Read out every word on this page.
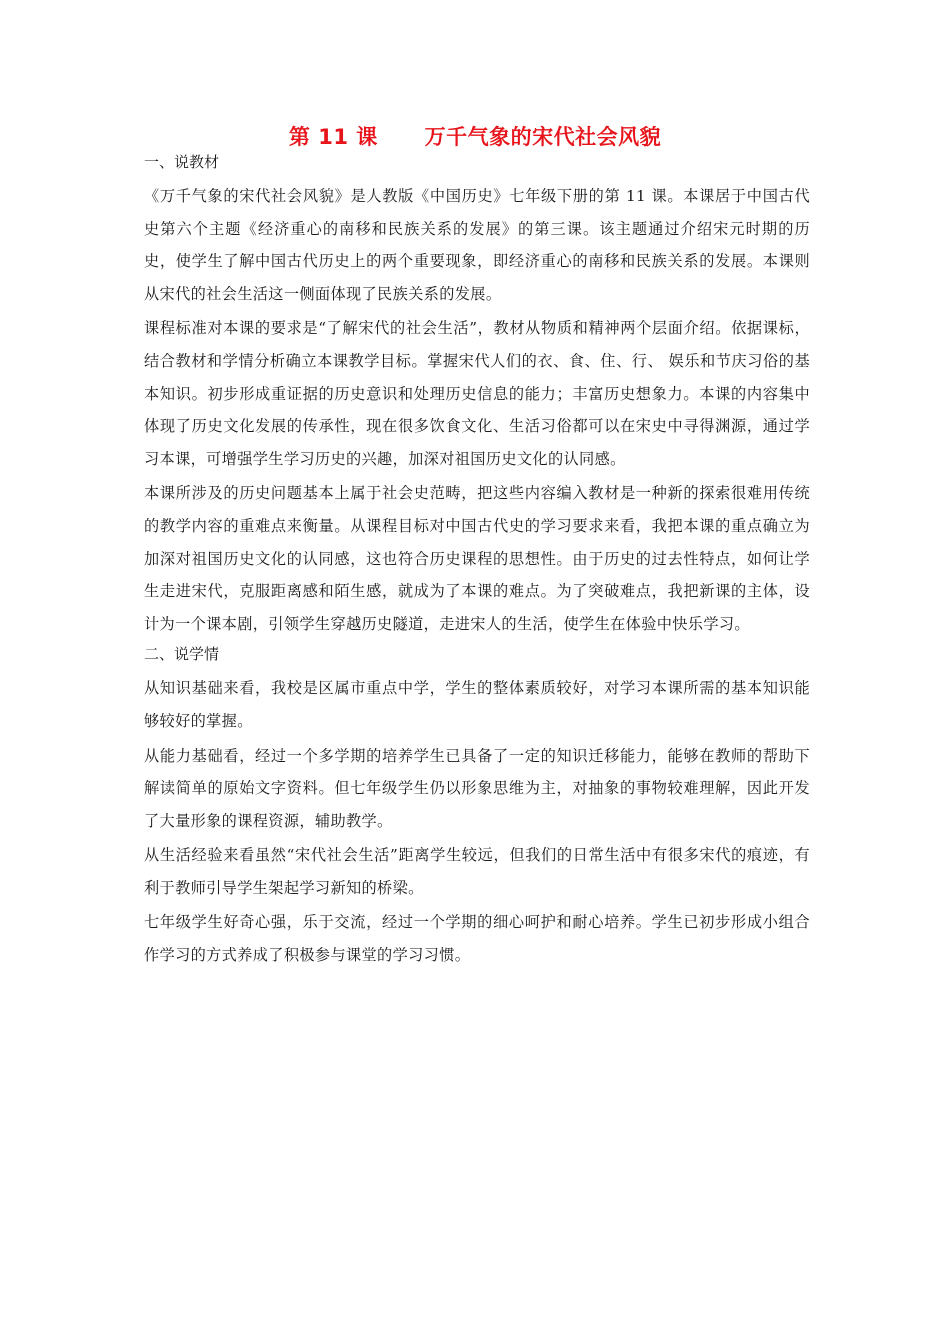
第 11 课      万千气象的宋代社会风貌
一、说教材

《万千气象的宋代社会风貌》是人教版《中国历史》七年级下册的第 11 课。本课居于中国古代史第六个主题《经济重心的南移和民族关系的发展》的第三课。该主题通过介绍宋元时期的历史，使学生了解中国古代历史上的两个重要现象，即经济重心的南移和民族关系的发展。本课则从宋代的社会生活这一侧面体现了民族关系的发展。

课程标准对本课的要求是“了解宋代的社会生活”，教材从物质和精神两个层面介绍。依据课标，结合教材和学情分析确立本课教学目标。掌握宋代人们的衣、食、住、行、 娱乐和节庆习俗的基本知识。初步形成重证据的历史意识和处理历史信息的能力；丰富历史想象力。本课的内容集中体现了历史文化发展的传承性，现在很多饮食文化、生活习俗都可以在宋史中寻得渊源，通过学习本课，可增强学生学习历史的兴趣，加深对祖国历史文化的认同感。

本课所涉及的历史问题基本上属于社会史范畴，把这些内容编入教材是一种新的探索很难用传统的教学内容的重难点来衡量。从课程目标对中国古代史的学习要求来看，我把本课的重点确立为加深对祖国历史文化的认同感，这也符合历史课程的思想性。由于历史的过去性特点，如何让学生走进宋代，克服距离感和陌生感，就成为了本课的难点。为了突破难点，我把新课的主体，设计为一个课本剧，引领学生穿越历史隧道，走进宋人的生活，使学生在体验中快乐学习。

二、说学情

从知识基础来看，我校是区属市重点中学，学生的整体素质较好，对学习本课所需的基本知识能够较好的掌握。

从能力基础看，经过一个多学期的培养学生已具备了一定的知识迁移能力，能够在教师的帮助下解读简单的原始文字资料。但七年级学生仍以形象思维为主，对抽象的事物较难理解，因此开发了大量形象的课程资源，辅助教学。

从生活经验来看虽然“宋代社会生活”距离学生较远，但我们的日常生活中有很多宋代的痕迹，有利于教师引导学生架起学习新知的桥梁。

七年级学生好奇心强，乐于交流，经过一个学期的细心呵护和耐心培养。学生已初步形成小组合作学习的方式养成了积极参与课堂的学习习惯。
